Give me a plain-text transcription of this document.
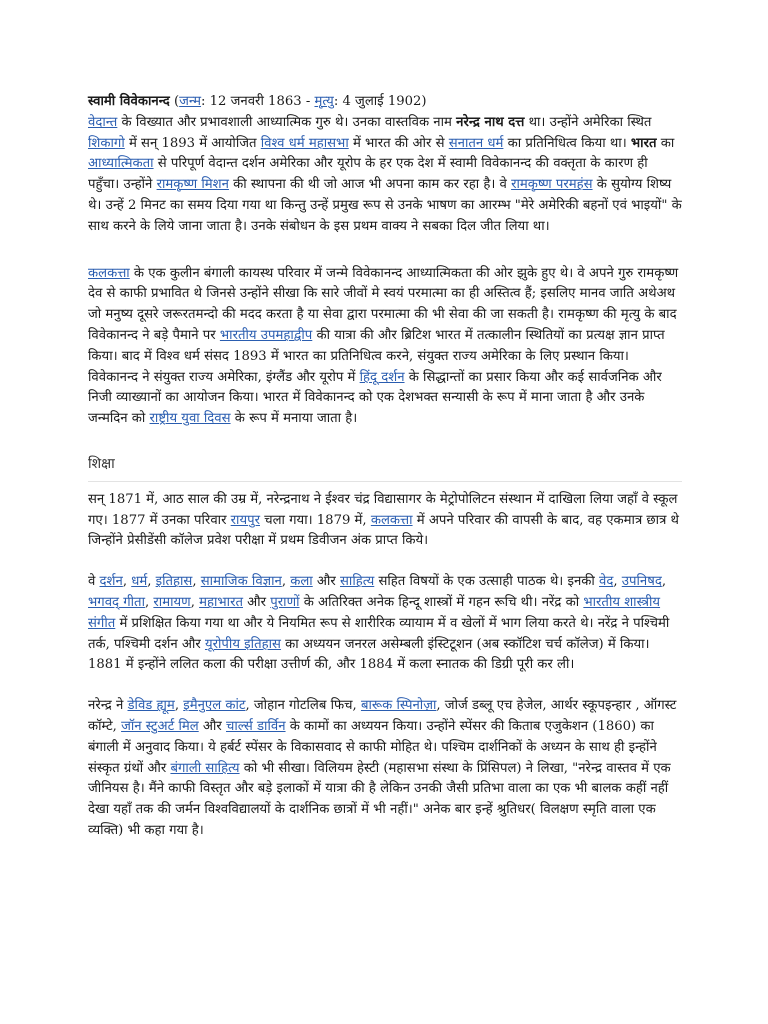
स्वामी विवेकानन्द (जन्म: 12 जनवरी 1863 - मृत्यु: 4 जुलाई 1902)
वेदान्त के विख्यात और प्रभावशाली आध्यात्मिक गुरु थे। उनका वास्तविक नाम नरेन्द्र नाथ दत्त था। उन्होंने अमेरिका स्थित शिकागो में सन् 1893 में आयोजित विश्व धर्म महासभा में भारत की ओर से सनातन धर्म का प्रतिनिधित्व किया था। भारत का आध्यात्मिकता से परिपूर्ण वेदान्त दर्शन अमेरिका और यूरोप के हर एक देश में स्वामी विवेकानन्द की वक्तृता के कारण ही पहुँचा। उन्होंने रामकृष्ण मिशन की स्थापना की थी जो आज भी अपना काम कर रहा है। वे रामकृष्ण परमहंस के सुयोग्य शिष्य थे। उन्हें 2 मिनट का समय दिया गया था किन्तु उन्हें प्रमुख रूप से उनके भाषण का आरम्भ "मेरे अमेरिकी बहनों एवं भाइयों" के साथ करने के लिये जाना जाता है। उनके संबोधन के इस प्रथम वाक्य ने सबका दिल जीत लिया था।

कलकत्ता के एक कुलीन बंगाली कायस्थ परिवार में जन्मे विवेकानन्द आध्यात्मिकता की ओर झुके हुए थे। वे अपने गुरु रामकृष्ण देव से काफी प्रभावित थे जिनसे उन्होंने सीखा कि सारे जीवों मे स्वयं परमात्मा का ही अस्तित्व हैं; इसलिए मानव जाति अथेअथ जो मनुष्य दूसरे जरूरतमन्दो की मदद करता है या सेवा द्वारा परमात्मा की भी सेवा की जा सकती है। रामकृष्ण की मृत्यु के बाद विवेकानन्द ने बड़े पैमाने पर भारतीय उपमहाद्वीप की यात्रा की और ब्रिटिश भारत में तत्कालीन स्थितियों का प्रत्यक्ष ज्ञान प्राप्त किया। बाद में विश्व धर्म संसद 1893 में भारत का प्रतिनिधित्व करने, संयुक्त राज्य अमेरिका के लिए प्रस्थान किया। विवेकानन्द ने संयुक्त राज्य अमेरिका, इंग्लैंड और यूरोप में हिंदू दर्शन के सिद्धान्तों का प्रसार किया और कई सार्वजनिक और निजी व्याख्यानों का आयोजन किया। भारत में विवेकानन्द को एक देशभक्त सन्यासी के रूप में माना जाता है और उनके जन्मदिन को राष्ट्रीय युवा दिवस के रूप में मनाया जाता है।

शिक्षा

सन् 1871 में, आठ साल की उम्र में, नरेन्द्रनाथ ने ईश्वर चंद्र विद्यासागर के मेट्रोपोलिटन संस्थान में दाखिला लिया जहाँ वे स्कूल गए। 1877 में उनका परिवार रायपुर चला गया। 1879 में, कलकत्ता में अपने परिवार की वापसी के बाद, वह एकमात्र छात्र थे जिन्होंने प्रेसीडेंसी कॉलेज प्रवेश परीक्षा में प्रथम डिवीजन अंक प्राप्त किये।

वे दर्शन, धर्म, इतिहास, सामाजिक विज्ञान, कला और साहित्य सहित विषयों के एक उत्साही पाठक थे। इनकी वेद, उपनिषद, भगवद् गीता, रामायण, महाभारत और पुराणों के अतिरिक्त अनेक हिन्दू शास्त्रों में गहन रूचि थी। नरेंद्र को भारतीय शास्त्रीय संगीत में प्रशिक्षित किया गया था और ये नियमित रूप से शारीरिक व्यायाम में व खेलों में भाग लिया करते थे। नरेंद्र ने पश्चिमी तर्क, पश्चिमी दर्शन और यूरोपीय इतिहास का अध्ययन जनरल असेम्बली इंस्टिटूशन (अब स्कॉटिश चर्च कॉलेज) में किया। 1881 में इन्होंने ललित कला की परीक्षा उत्तीर्ण की, और 1884 में कला स्नातक की डिग्री पूरी कर ली।

नरेन्द्र ने डेविड ह्यूम, इमैनुएल कांट, जोहान गोटलिब फिच, बारूक स्पिनोज़ा, जोर्ज डब्लू एच हेजेल, आर्थर स्कूपइन्हार , ऑगस्ट कॉम्टे, जॉन स्टुअर्ट मिल और चार्ल्स डार्विन के कामों का अध्ययन किया। उन्होंने स्पेंसर की किताब एजुकेशन (1860) का बंगाली में अनुवाद किया। ये हर्बर्ट स्पेंसर के विकासवाद से काफी मोहित थे। पश्चिम दार्शनिकों के अध्यन के साथ ही इन्होंने संस्कृत ग्रंथों और बंगाली साहित्य को भी सीखा। विलियम हेस्टी (महासभा संस्था के प्रिंसिपल) ने लिखा, "नरेन्द्र वास्तव में एक जीनियस है। मैंने काफी विस्तृत और बड़े इलाकों में यात्रा की है लेकिन उनकी जैसी प्रतिभा वाला का एक भी बालक कहीं नहीं देखा यहाँ तक की जर्मन विश्वविद्यालयों के दार्शनिक छात्रों में भी नहीं।" अनेक बार इन्हें श्रुतिधर( विलक्षण स्मृति वाला एक व्यक्ति) भी कहा गया है।
